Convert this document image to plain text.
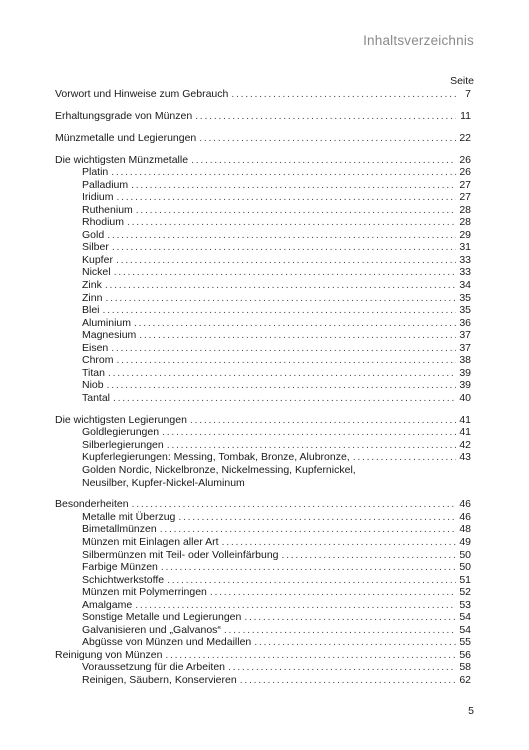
Inhaltsverzeichnis
Seite
Vorwort und Hinweise zum Gebrauch . . .	7
Erhaltungsgrade von Münzen . . .	11
Münzmetalle und Legierungen . . .	22
Die wichtigsten Münzmetalle . . .	26
Platin . . .	26
Palladium . . .	27
Iridium . . .	27
Ruthenium . . .	28
Rhodium . . .	28
Gold . . .	29
Silber . . .	31
Kupfer . . .	33
Nickel . . .	33
Zink . . .	34
Zinn . . .	35
Blei . . .	35
Aluminium . . .	36
Magnesium . . .	37
Eisen . . .	37
Chrom . . .	38
Titan . . .	39
Niob . . .	39
Tantal . . .	40
Die wichtigsten Legierungen . . .	41
Goldlegierungen . . .	41
Silberlegierungen . . .	42
Kupferlegierungen: Messing, Tombak, Bronze, Alubronze, . . .	43
Golden Nordic, Nickelbronze, Nickelmessing, Kupfernickel,
Neusilber, Kupfer-Nickel-Aluminum
Besonderheiten . . .	46
Metalle mit Überzug . . .	46
Bimetallmünzen . . .	48
Münzen mit Einlagen aller Art . . .	49
Silbermünzen mit Teil- oder Volleinfärbung . . .	50
Farbige Münzen . . .	50
Schichtwerkstoffe . . .	51
Münzen mit Polymerringen . . .	52
Amalgame . . .	53
Sonstige Metalle und Legierungen . . .	54
Galvanisieren und „Galvanos“ . . .	54
Abgüsse von Münzen und Medaillen . . .	55
Reinigung von Münzen . . .	56
Voraussetzung für die Arbeiten . . .	58
Reinigen, Säubern, Konservieren . . .	62
5
